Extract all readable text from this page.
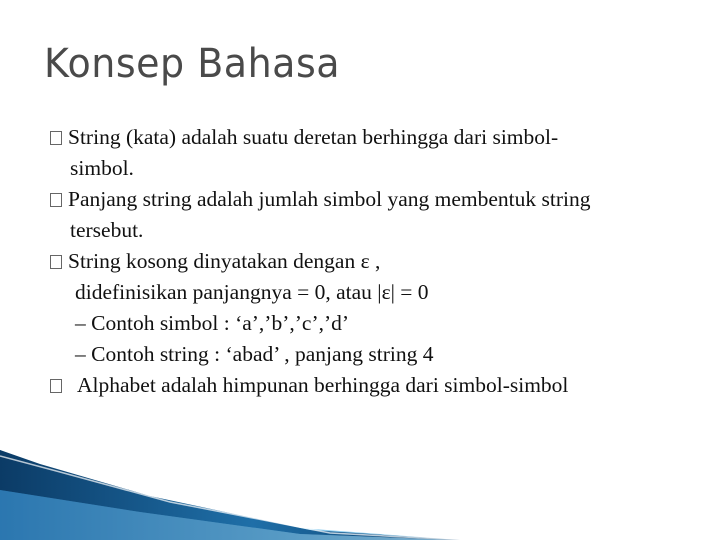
Konsep Bahasa
String (kata) adalah suatu deretan berhingga dari simbol-
simbol.
Panjang string adalah jumlah simbol yang membentuk string
tersebut.
String kosong dinyatakan dengan ε ,
didefinisikan panjangnya = 0, atau |ε| = 0
– Contoh simbol : ‘a’,’b’,’c’,’d’
– Contoh string : ‘abad’ , panjang string 4
Alphabet adalah himpunan berhingga dari simbol-simbol
